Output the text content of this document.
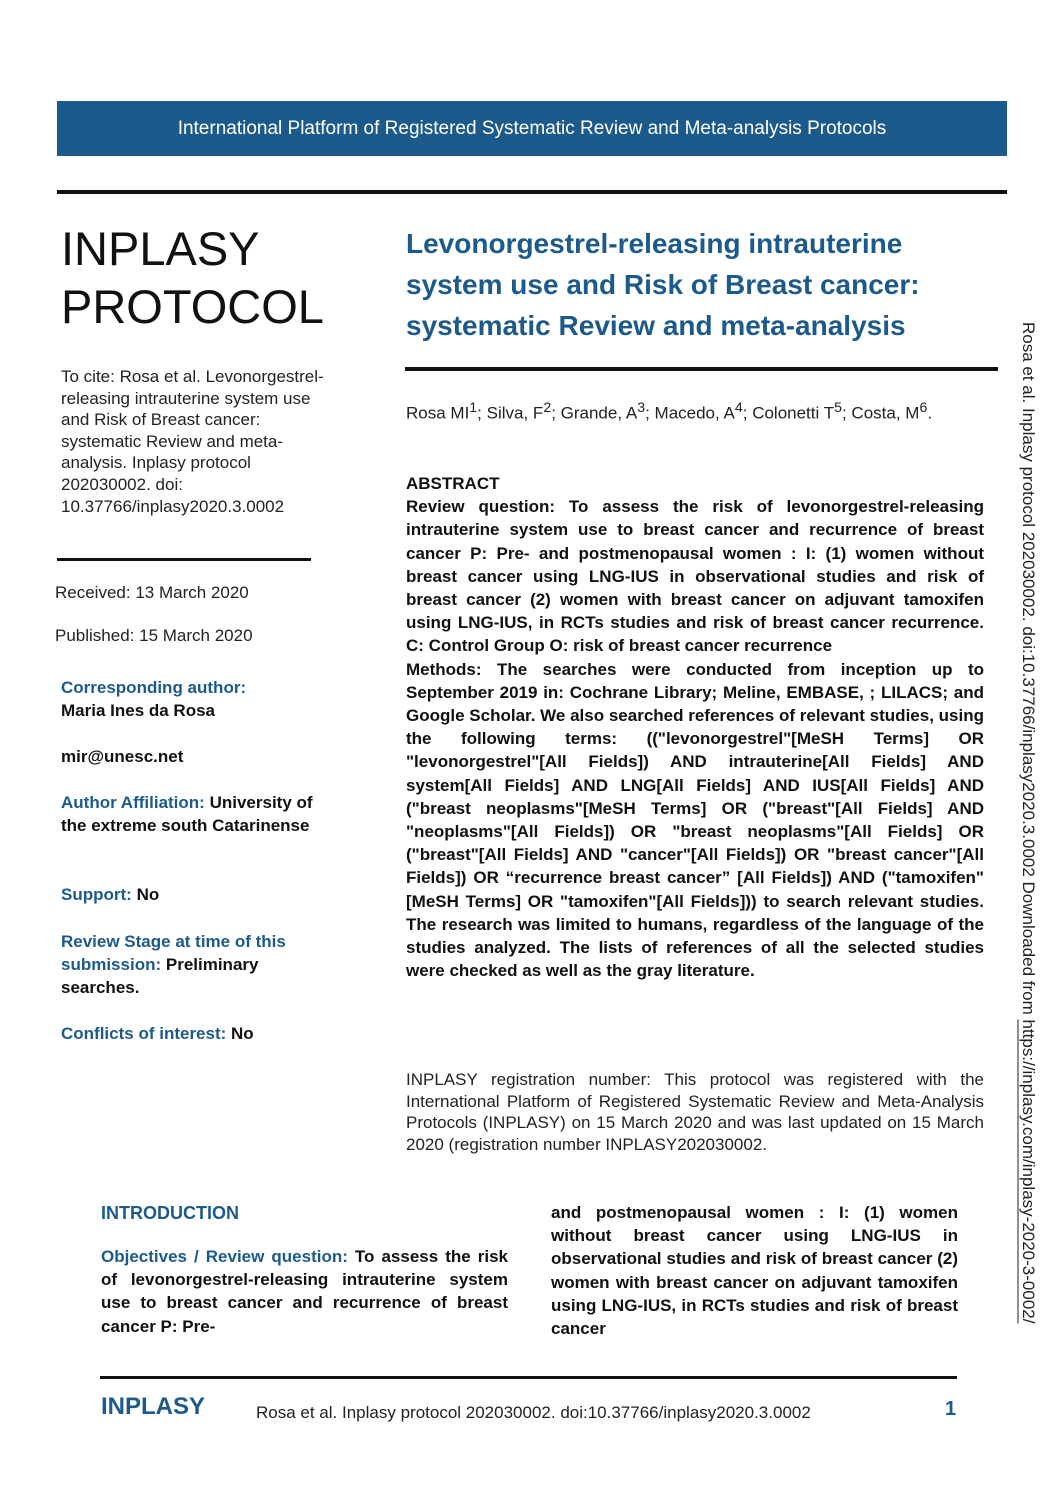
International Platform of Registered Systematic Review and Meta-analysis Protocols
INPLASY
PROTOCOL
To cite: Rosa et al. Levonorgestrel-releasing intrauterine system use and Risk of Breast cancer: systematic Review and meta-analysis. Inplasy protocol 202030002. doi: 10.37766/inplasy2020.3.0002
Received: 13 March 2020
Published: 15 March 2020
Corresponding author:
Maria Ines da Rosa
mir@unesc.net
Author Affiliation: University of the extreme south Catarinense
Support: No
Review Stage at time of this submission: Preliminary searches.
Conflicts of interest: No
Levonorgestrel-releasing intrauterine system use and Risk of Breast cancer: systematic Review and meta-analysis
Rosa $MI^1$; Silva, $F^2$; Grande, $A^3$; Macedo, $A^4$; Colonetti $T^5$; Costa, $M^6$.

ABSTRACT

Review question: To assess the risk of levonorgestrel-releasing intrauterine system use to breast cancer and recurrence of breast cancer P: Pre- and postmenopausal women : I: (1) women without breast cancer using LNG-IUS in observational studies and risk of breast cancer (2) women with breast cancer on adjuvant tamoxifen using LNG-IUS, in RCTs studies and risk of breast cancer recurrence. C: Control Group O: risk of breast cancer recurrence

Methods: The searches were conducted from inception up to September 2019 in: Cochrane Library; Meline, EMBASE, ; LILACS; and Google Scholar. We also searched references of relevant studies, using the following terms: (("levonorgestrel"[MeSH Terms] OR "levonorgestrel"[All Fields]) AND intrauterine[All Fields] AND system[All Fields] AND LNG[All Fields] AND IUS[All Fields] AND ("breast neoplasms"[MeSH Terms] OR ("breast"[All Fields] AND "neoplasms"[All Fields]) OR "breast neoplasms"[All Fields] OR ("breast"[All Fields] AND "cancer"[All Fields]) OR "breast cancer"[All Fields]) OR “recurrence breast cancer” [All Fields]) AND ("tamoxifen"[MeSH Terms] OR "tamoxifen"[All Fields])) to search relevant studies. The research was limited to humans, regardless of the language of the studies analyzed. The lists of references of all the selected studies were checked as well as the gray literature.

INPLASY registration number: This protocol was registered with the International Platform of Registered Systematic Review and Meta-Analysis Protocols (INPLASY) on 15 March 2020 and was last updated on 15 March 2020 (registration number INPLASY202030002.
Rosa et al. Inplasy protocol 202030002. doi:10.37766/inplasy2020.3.0002 Downloaded from https://inplasy.com/inplasy-2020-3-0002/
INTRODUCTION
Objectives / Review question: To assess the risk of levonorgestrel-releasing intrauterine system use to breast cancer and recurrence of breast cancer P: Pre-
and postmenopausal women : I: (1) women without breast cancer using LNG-IUS in observational studies and risk of breast cancer (2) women with breast cancer on adjuvant tamoxifen using LNG-IUS, in RCTs studies and risk of breast cancer
INPLASY	Rosa et al. Inplasy protocol 202030002. doi:10.37766/inplasy2020.3.0002	1
